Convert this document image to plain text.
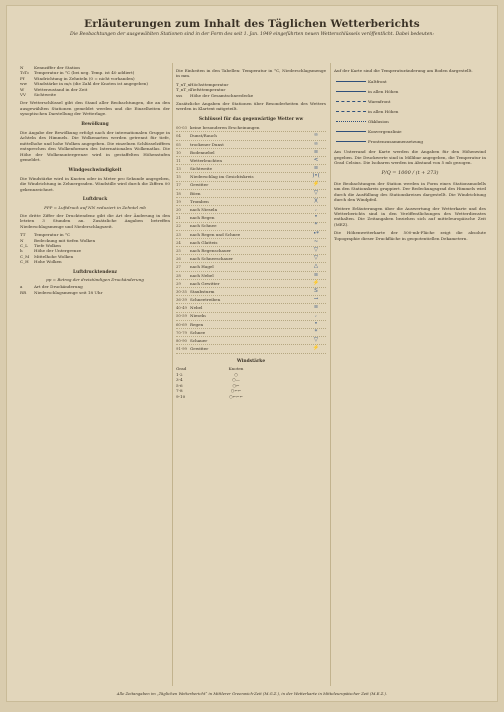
Erläuterungen zum Inhalt des Täglichen Wetterberichts
Die Beobachtungen der ausgewählten Stationen sind in der Form des seit 1. Jan. 1949 eingeführten neuen Wetterschlüssels veröffentlicht. Dabei bedeuten:
N	Kennziffer der Station
T₀T₀	Temperatur in °C (bei neg. Temp. ist 40 addiert)
Ff	Windrichtung in Zehnteln (0 = nicht vorhanden)
ww	Windstärke in m/s (die Zahl der Knoten ist angegeben)
W	Wetterzustand in der Zeit
VV	Sichtweite
Der Wetterschlüssel gibt den Stand aller Beobachtungen, die an den ausgewählten Stationen gemeldet werden und die Einzelheiten der synoptischen Darstellung der Wetterlage.
Bewölkung
Die Angabe der Bewölkung erfolgt nach der internationalen Gruppe in Achteln des Himmels. Die Wolkenarten werden getrennt für tiefe, mittelhohe und hohe Wolken angegeben. Die einzelnen Schlüsselziffern entsprechen den Wolkenformen des Internationalen Wolkenatlas. Die Höhe der Wolkenuntergrenze wird in gestaffelten Höhenstufen gemeldet.
Windgeschwindigkeit
Die Windstärke wird in Knoten oder in Meter pro Sekunde angegeben, die Windrichtung in Zehnergraden. Windstille wird durch die Ziffern 00 gekennzeichnet.
Luftdruck
PPP = Luftdruck auf NN reduziert in Zehntel mb
Die dritte Ziffer der Drucktendenz gibt die Art der Änderung in den letzten 3 Stunden an. Zusätzliche Angaben betreffen Niederschlagsmenge und Niederschlagszeit.
TT	Temperatur in °C
N	Bedeckung mit tiefen Wolken
C_L	Tiefe Wolken
h	Höhe der Untergrenze
C_M	Mittelhohe Wolken
C_H	Hohe Wolken
Luftdrucktendenz
pp = Betrag der dreistündigen Druckänderung
a	Art der Druckänderung
RR	Niederschlagsmenge seit 18 Uhr
Die Einheiten in den Tabellen: Temperatur in °C, Niederschlagsmenge in mm.
T_xT_x Höchsttemperatur
T_nT_n Tiefsttemperatur
sss	Höhe der Gesamtschneedecke
Zusätzliche Angaben der Stationen über Besonderheiten des Wetters werden in Klartext mitgeteilt.
Schlüssel für das gegenwärtige Wetter ww
00-03 keine besonderen Erscheinungen
04	Dunst/Rauch	∞
05	trockener Dunst	∞
10	Bodennebel	≡
11	Wetterleuchten	<
13	Sichtweite	≡
15	Niederschlag im Gesichtskreis	)•(
17	Gewitter	⚡
18	Böen	▽
19	Tromben	)(
20	nach Nieseln	,
21	nach Regen	•
22	nach Schnee	*
23	nach Regen und Schnee	•*
24	nach Glatteis	~
25	nach Regenschauer	▽
26	nach Schneeschauer	▽
27	nach Hagel	△
28	nach Nebel	≡
29	nach Gewitter	⚡
30-35 Staubsturm	S
36-39 Schneetreiben	→
40-49 Nebel	≡
50-59 Nieseln	,
60-69 Regen	•
70-79 Schnee	*
80-90 Schauer	▽
91-99 Gewitter	⚡
Windstärke
Grad	Knoten
1-2	○
3-4	○—
5-6	○⌐
7-8	○⌐⌐
9-10	○⌐⌐⌐
Auf der Karte sind die Temperaturänderung am Boden dargestellt.
Kaltfront
in allen Höhen
Warmfront
in allen Höhen
Okklusion
Konvergenzlinie
Frontenzusammensetzung
Am Unterrand der Karte werden die Angaben für den Höhenwind gegeben. Die Druckwerte sind in Millibar angegeben, die Temperatur in Grad Celsius. Die Isobaren werden im Abstand von 5 mb gezogen.
P/Q = 1000 / (t + 273)
Die Beobachtungen der Station werden in Form eines Stationsmodells um den Stationskreis gruppiert. Der Bedeckungsgrad des Himmels wird durch die Ausfüllung des Stationskreises dargestellt. Die Windrichtung durch den Windpfeil.
Weitere Erläuterungen über die Auswertung der Wetterkarte und des Wetterberichts sind in den Veröffentlichungen des Wetterdienstes enthalten. Die Zeitangaben beziehen sich auf mitteleuropäische Zeit (MEZ).
Die Höhenwetterkarte der 500-mb-Fläche zeigt die absolute Topographie dieser Druckfläche in geopotentiellen Dekametern.
Alle Zeitangaben im „Täglichen Wetterbericht“ in Mittlerer Greenwich-Zeit (M.G.Z.), in der Wetterkarte in Mitteleuropäischer Zeit (M.E.Z.).
